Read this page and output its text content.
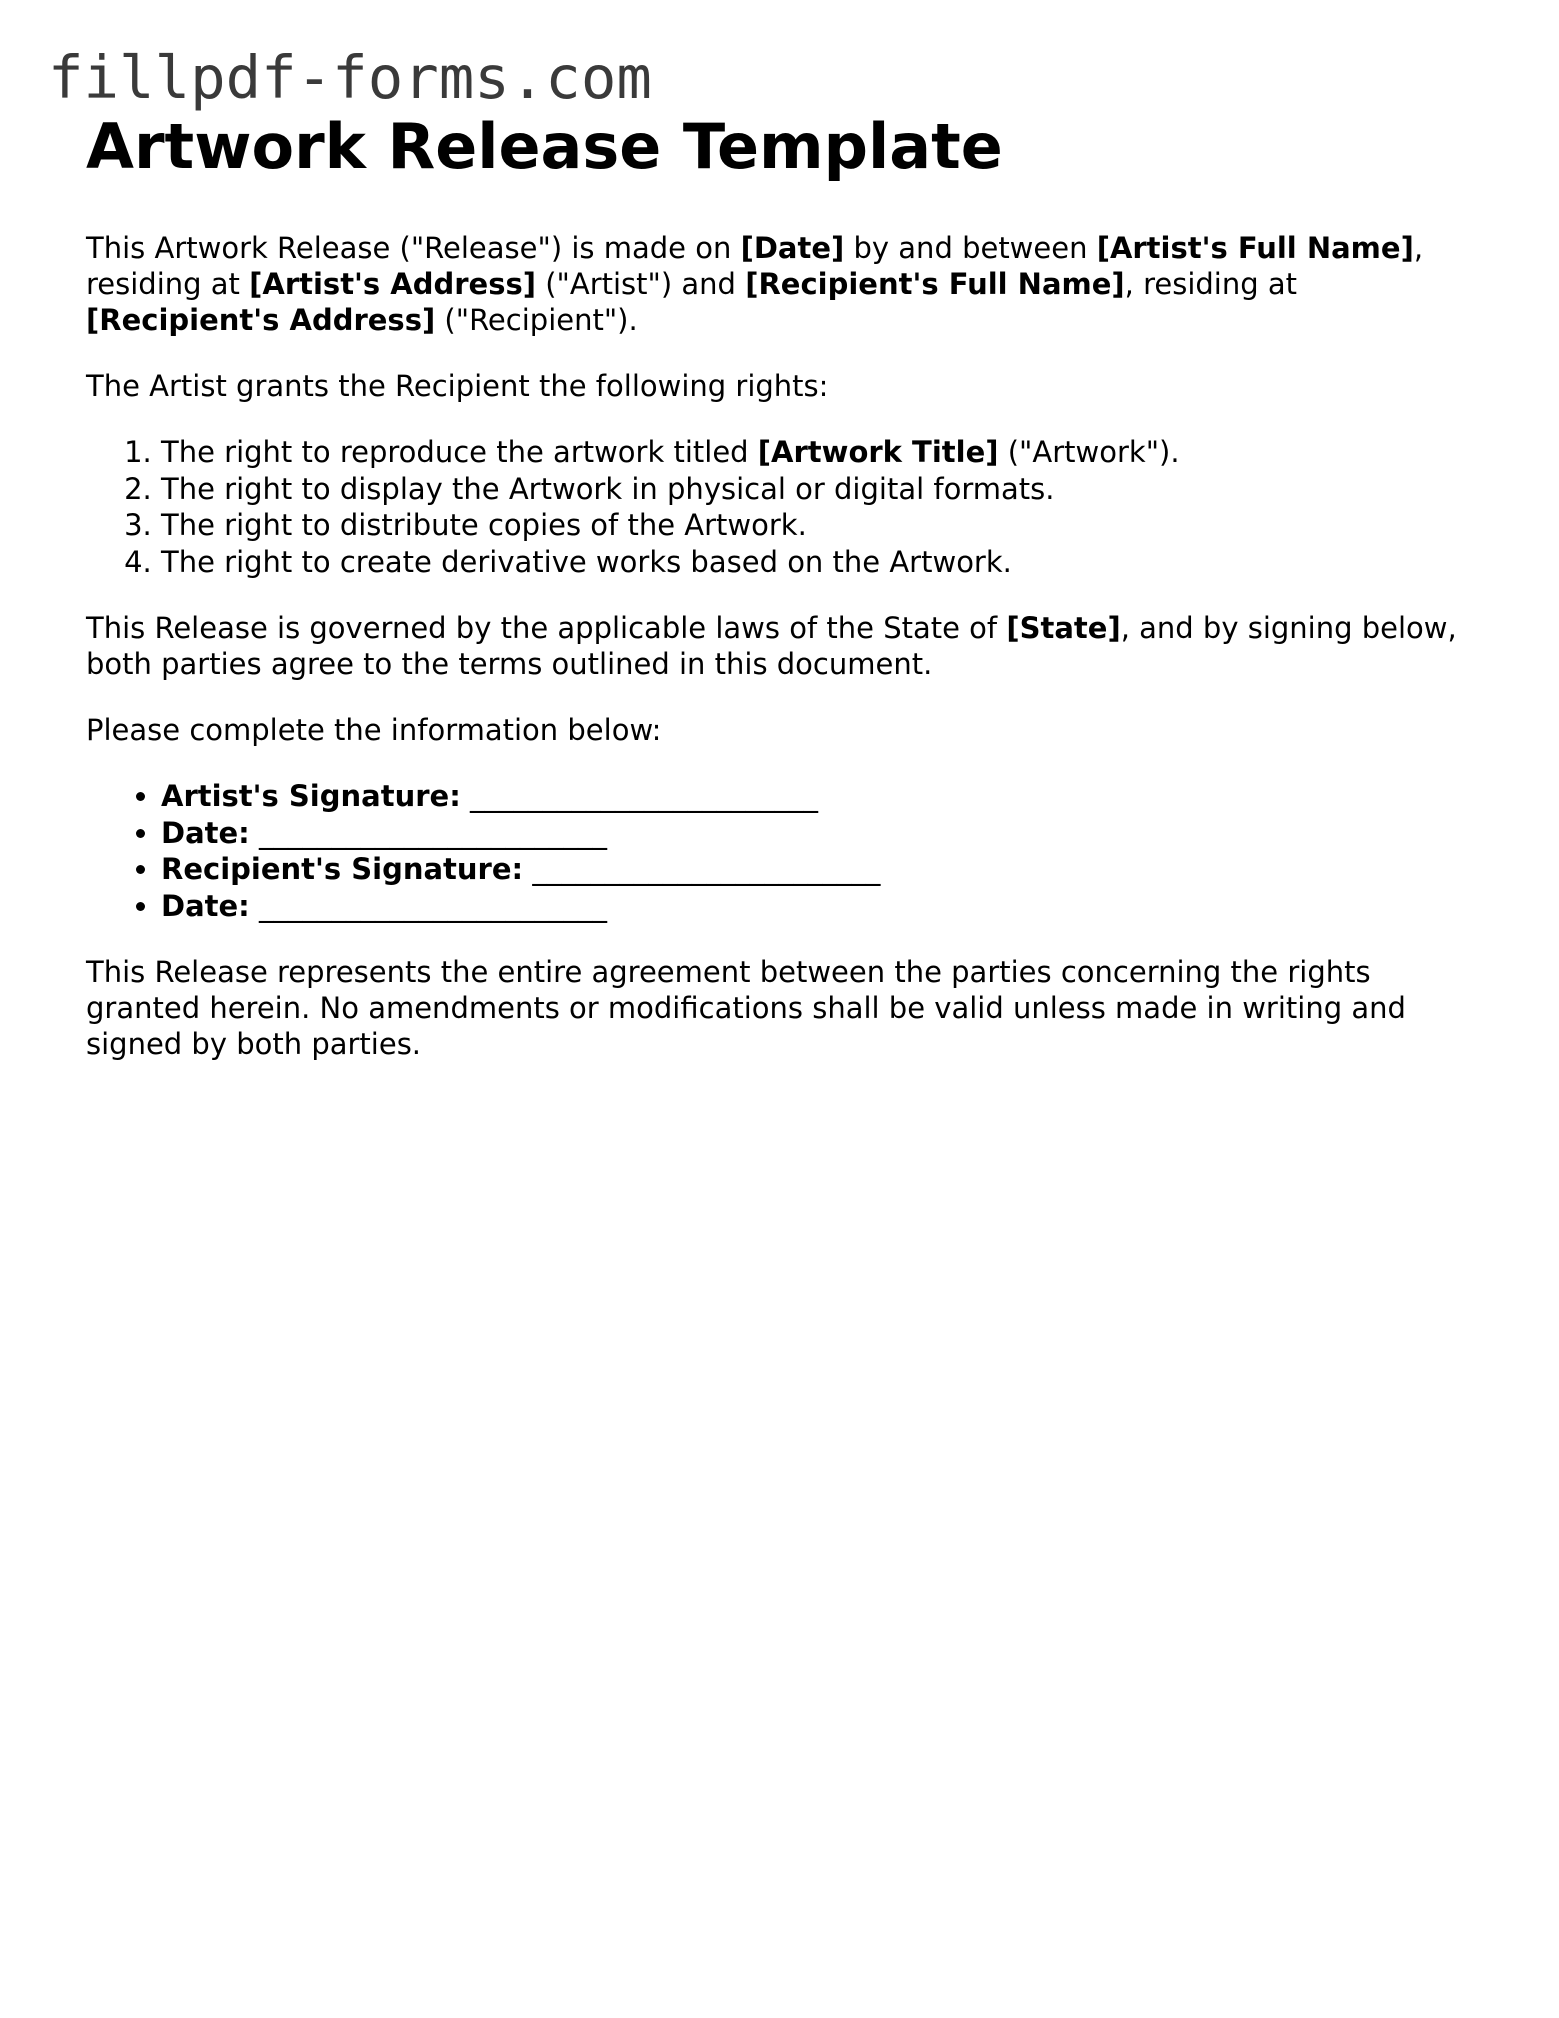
fillpdf-forms.com
Artwork Release Template

This Artwork Release ("Release") is made on [Date] by and between [Artist's Full Name], residing at [Artist's Address] ("Artist") and [Recipient's Full Name], residing at [Recipient's Address] ("Recipient").

The Artist grants the Recipient the following rights:

1. The right to reproduce the artwork titled [Artwork Title] ("Artwork").
2. The right to display the Artwork in physical or digital formats.
3. The right to distribute copies of the Artwork.
4. The right to create derivative works based on the Artwork.

This Release is governed by the applicable laws of the State of [State], and by signing below, both parties agree to the terms outlined in this document.

Please complete the information below:

• Artist's Signature: ________________________
• Date: ________________________
• Recipient's Signature: ________________________
• Date: ________________________

This Release represents the entire agreement between the parties concerning the rights granted herein. No amendments or modifications shall be valid unless made in writing and signed by both parties.
